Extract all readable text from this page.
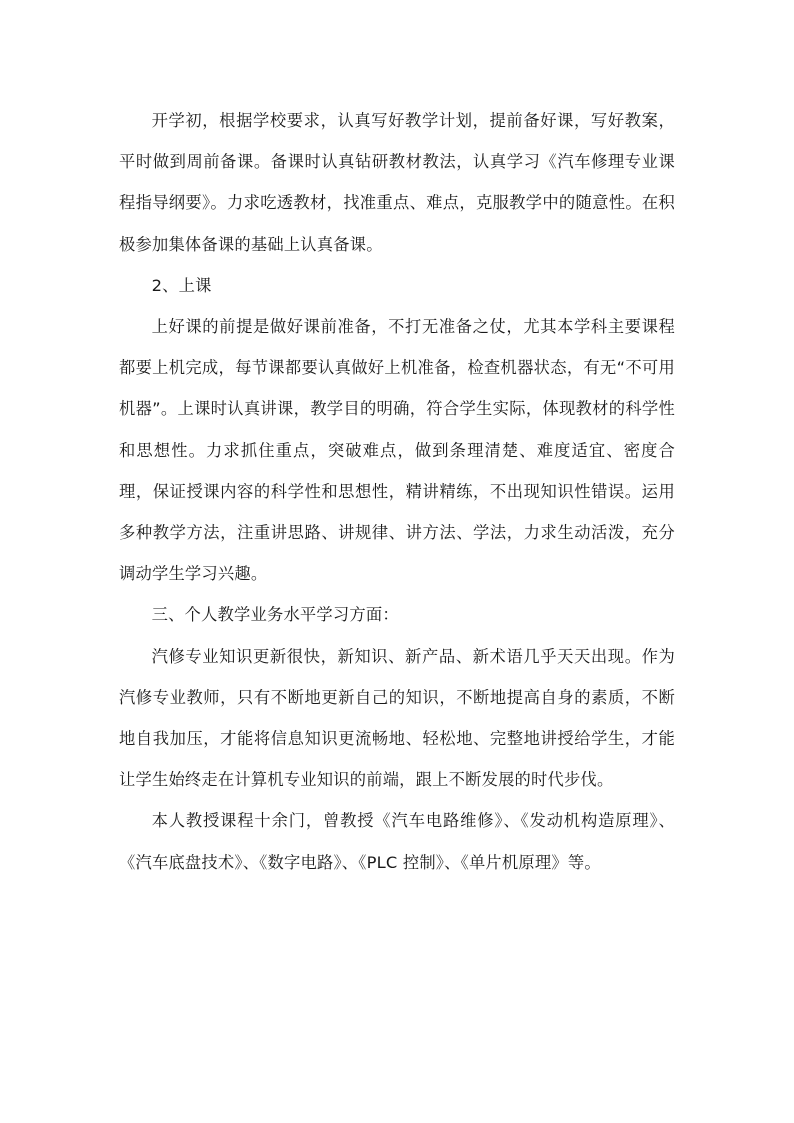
开学初，根据学校要求，认真写好教学计划，提前备好课，写好教案，平时做到周前备课。备课时认真钻研教材教法，认真学习《汽车修理专业课程指导纲要》。力求吃透教材，找准重点、难点，克服教学中的随意性。在积极参加集体备课的基础上认真备课。

2、上课

上好课的前提是做好课前准备，不打无准备之仗，尤其本学科主要课程都要上机完成，每节课都要认真做好上机准备，检查机器状态，有无“不可用机器”。上课时认真讲课，教学目的明确，符合学生实际，体现教材的科学性和思想性。力求抓住重点，突破难点，做到条理清楚、难度适宜、密度合理，保证授课内容的科学性和思想性，精讲精练，不出现知识性错误。运用多种教学方法，注重讲思路、讲规律、讲方法、学法，力求生动活泼，充分调动学生学习兴趣。

三、个人教学业务水平学习方面：

汽修专业知识更新很快，新知识、新产品、新术语几乎天天出现。作为汽修专业教师，只有不断地更新自己的知识，不断地提高自身的素质，不断地自我加压，才能将信息知识更流畅地、轻松地、完整地讲授给学生，才能让学生始终走在计算机专业知识的前端，跟上不断发展的时代步伐。

本人教授课程十余门，曾教授《汽车电路维修》、《发动机构造原理》、《汽车底盘技术》、《数字电路》、《PLC 控制》、《单片机原理》等。
